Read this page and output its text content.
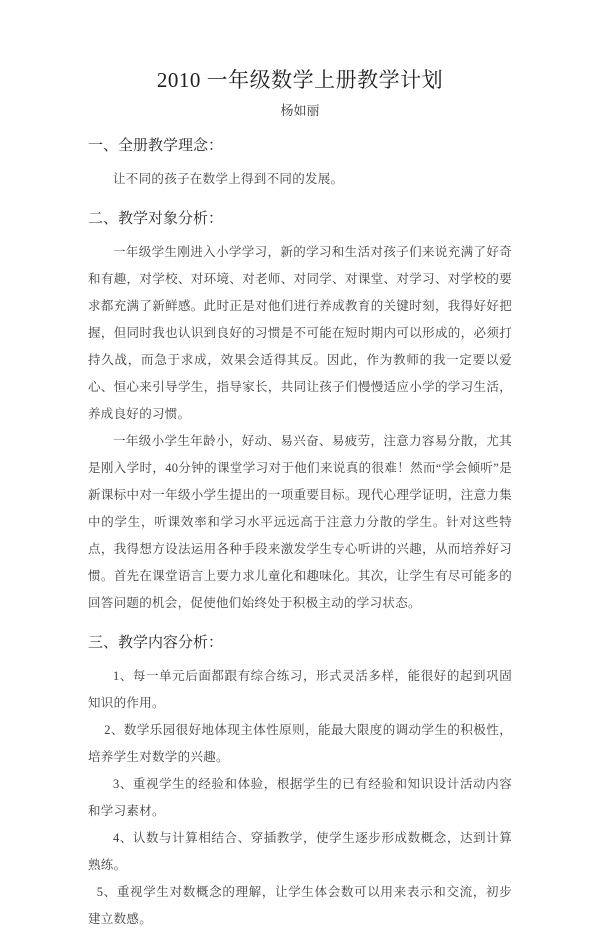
2010 一年级数学上册教学计划
杨如丽
一、全册教学理念：

让不同的孩子在数学上得到不同的发展。

二、教学对象分析：

一年级学生刚进入小学学习，新的学习和生活对孩子们来说充满了好奇和有趣，对学校、对环境、对老师、对同学、对课堂、对学习、对学校的要求都充满了新鲜感。此时正是对他们进行养成教育的关键时刻，我得好好把握，但同时我也认识到良好的习惯是不可能在短时期内可以形成的，必须打持久战，而急于求成，效果会适得其反。因此，作为教师的我一定要以爱心、恒心来引导学生，指导家长，共同让孩子们慢慢适应小学的学习生活，养成良好的习惯。

一年级小学生年龄小，好动、易兴奋、易疲劳，注意力容易分散，尤其是刚入学时，40分钟的课堂学习对于他们来说真的很难！然而“学会倾听”是新课标中对一年级小学生提出的一项重要目标。现代心理学证明，注意力集中的学生，听课效率和学习水平远远高于注意力分散的学生。针对这些特点，我得想方设法运用各种手段来激发学生专心听讲的兴趣，从而培养好习惯。首先在课堂语言上要力求儿童化和趣味化。其次，让学生有尽可能多的回答问题的机会，促使他们始终处于积极主动的学习状态。

三、教学内容分析：

1、每一单元后面都跟有综合练习，形式灵活多样，能很好的起到巩固知识的作用。

2、数学乐园很好地体现主体性原则，能最大限度的调动学生的积极性，培养学生对数学的兴趣。

3、重视学生的经验和体验，根据学生的已有经验和知识设计活动内容和学习素材。

4、认数与计算相结合、穿插教学，使学生逐步形成数概念，达到计算熟练。

5、重视学生对数概念的理解，让学生体会数可以用来表示和交流，初步建立数感。
